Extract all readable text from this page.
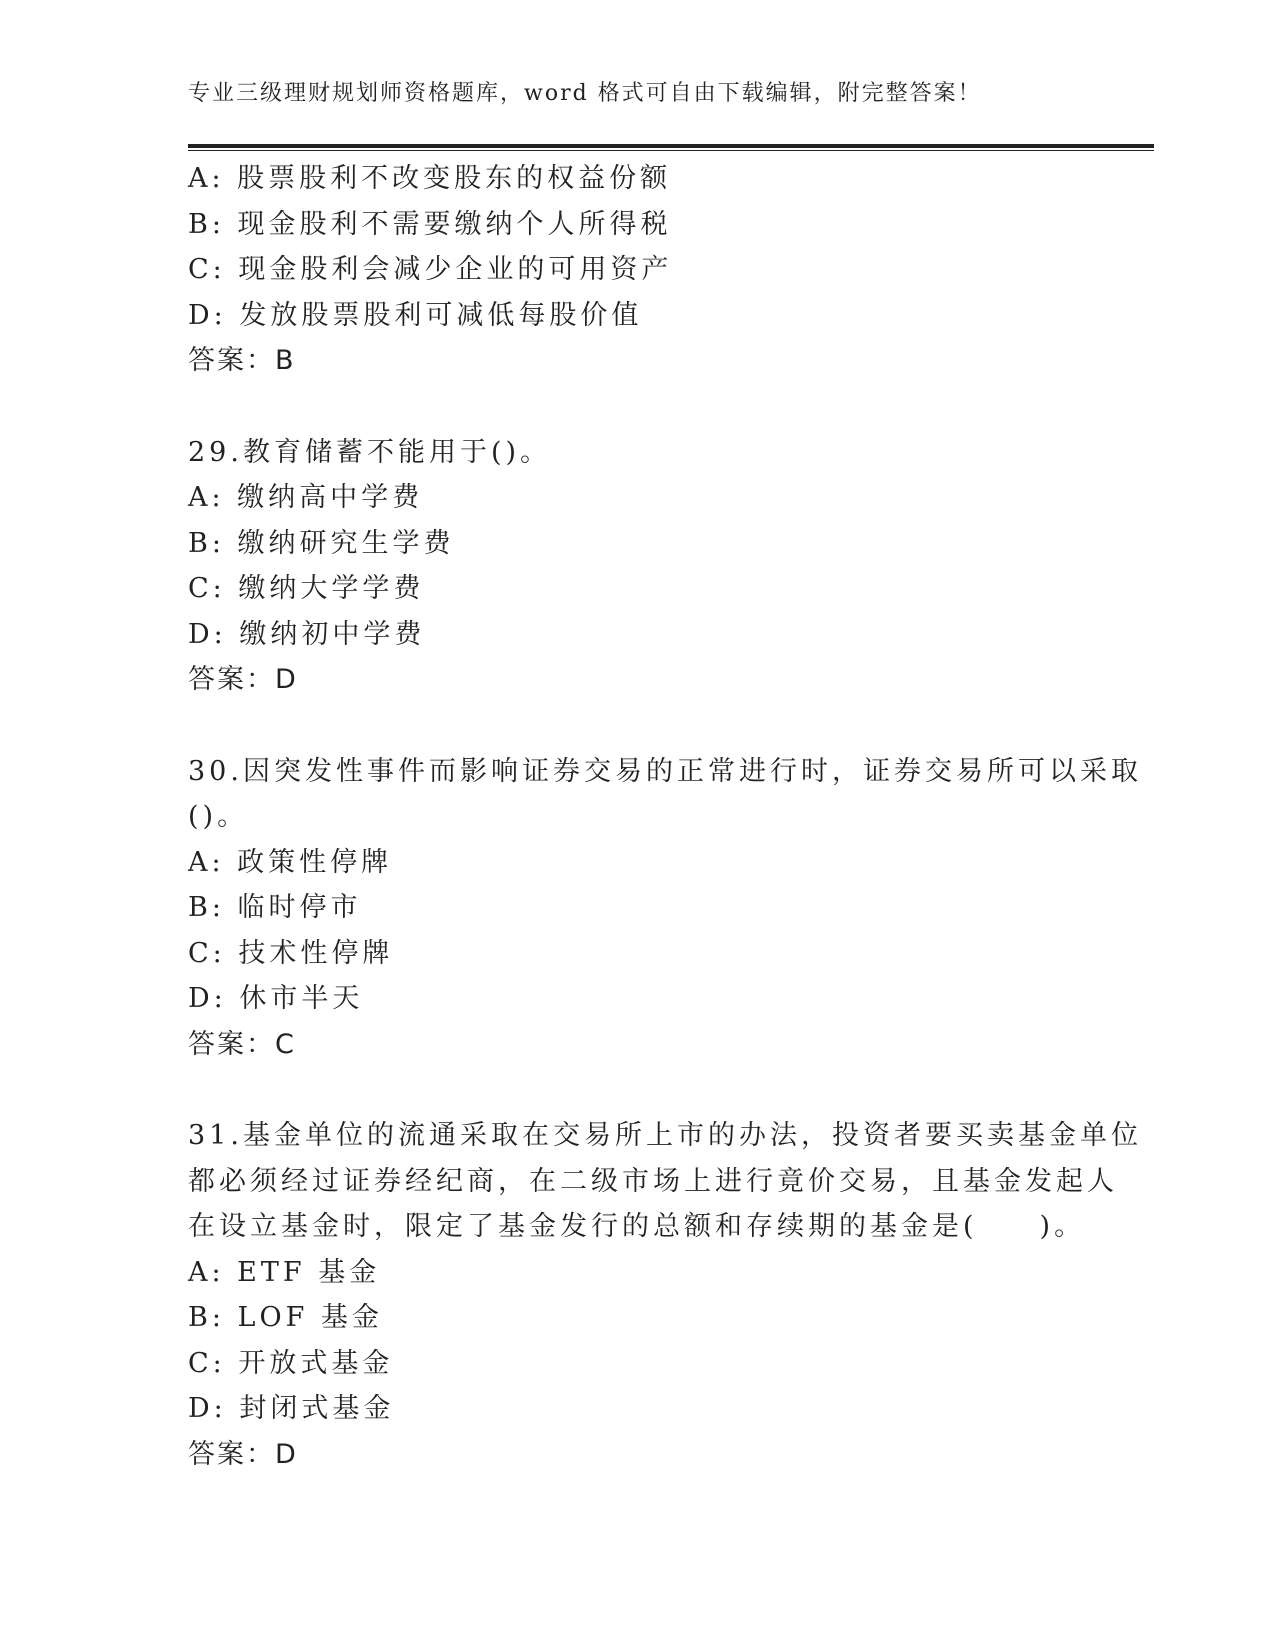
专业三级理财规划师资格题库，word 格式可自由下载编辑，附完整答案！
A: 股票股利不改变股东的权益份额
B: 现金股利不需要缴纳个人所得税
C: 现金股利会减少企业的可用资产
D: 发放股票股利可减低每股价值
答案：B
29.教育储蓄不能用于()。
A: 缴纳高中学费
B: 缴纳研究生学费
C: 缴纳大学学费
D: 缴纳初中学费
答案：D
30.因突发性事件而影响证券交易的正常进行时，证券交易所可以采取
()。
A: 政策性停牌
B: 临时停市
C: 技术性停牌
D: 休市半天
答案：C
31.基金单位的流通采取在交易所上市的办法，投资者要买卖基金单位
都必须经过证券经纪商，在二级市场上进行竟价交易，且基金发起人
在设立基金时，限定了基金发行的总额和存续期的基金是(　　)。
A: ETF 基金
B: LOF 基金
C: 开放式基金
D: 封闭式基金
答案：D
